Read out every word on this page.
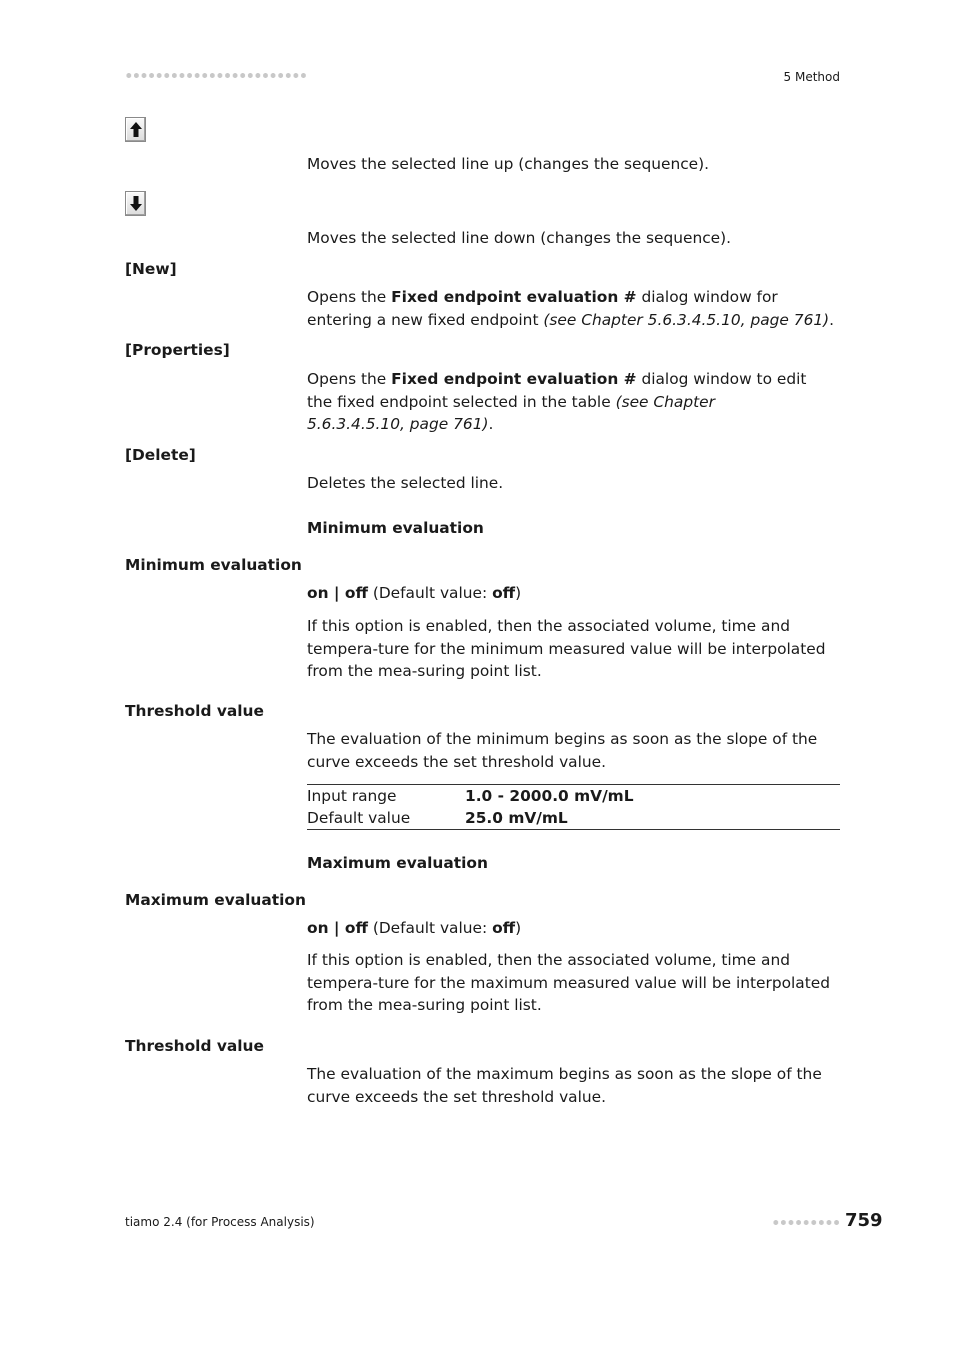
5 Method
Moves the selected line up (changes the sequence).
Moves the selected line down (changes the sequence).
[New]
Opens the Fixed endpoint evaluation # dialog window for entering a new fixed endpoint (see Chapter 5.6.3.4.5.10, page 761).
[Properties]
Opens the Fixed endpoint evaluation # dialog window to edit the fixed endpoint selected in the table (see Chapter 5.6.3.4.5.10, page 761).
[Delete]
Deletes the selected line.
Minimum evaluation
Minimum evaluation
on | off (Default value: off)
If this option is enabled, then the associated volume, time and tempera-ture for the minimum measured value will be interpolated from the mea-suring point list.
Threshold value
The evaluation of the minimum begins as soon as the slope of the curve exceeds the set threshold value.
Input range	1.0 - 2000.0 mV/mL
Default value	25.0 mV/mL
Maximum evaluation
Maximum evaluation
on | off (Default value: off)
If this option is enabled, then the associated volume, time and tempera-ture for the maximum measured value will be interpolated from the mea-suring point list.
Threshold value
The evaluation of the maximum begins as soon as the slope of the curve exceeds the set threshold value.
tiamo 2.4 (for Process Analysis)	759
